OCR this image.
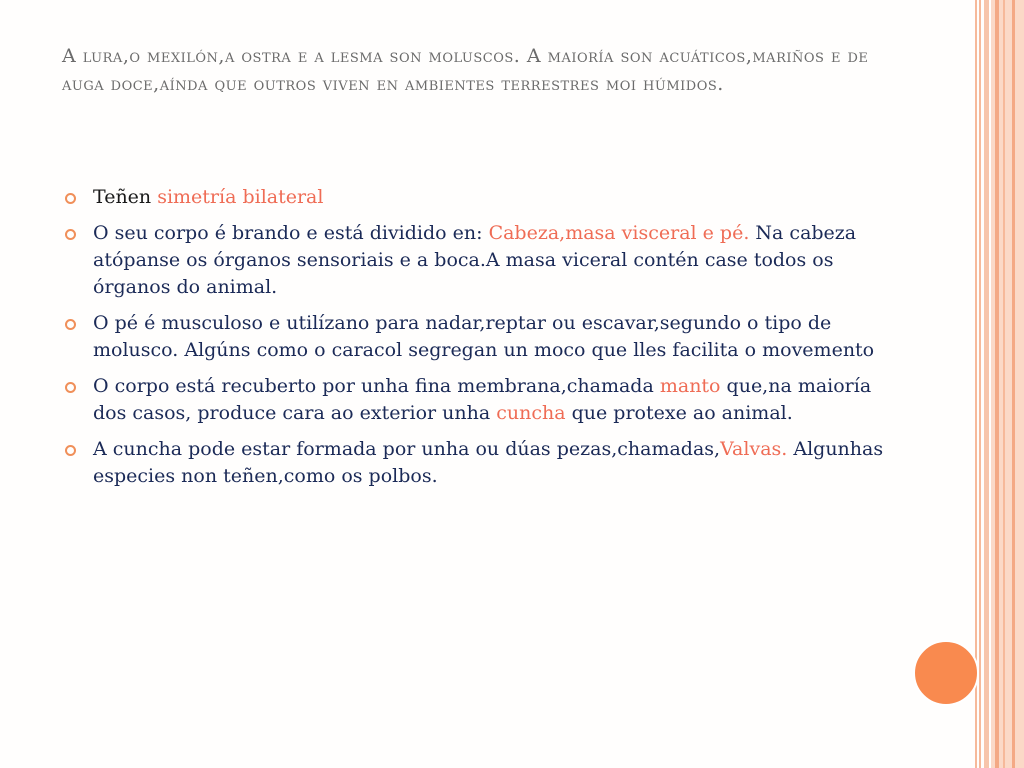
A lura,o mexilón,a ostra e a lesma son moluscos. A maioría son acuáticos,mariños e de auga doce,aínda que outros viven en ambientes terrestres moi húmidos.
Teñen simetría bilateral
O seu corpo é brando e está dividido en: Cabeza,masa visceral e pé. Na cabeza atópanse os órganos sensoriais e a boca.A masa viceral contén case todos os órganos do animal.
O pé é musculoso e utilízano para nadar,reptar ou escavar,segundo o tipo de molusco. Algúns como o caracol segregan un moco que lles facilita o movemento
O corpo está recuberto por unha fina membrana,chamada manto que,na maioría dos casos, produce cara ao exterior unha cuncha que protexe ao animal.
A cuncha pode estar formada por unha ou dúas pezas,chamadas,Valvas. Algunhas especies non teñen,como os polbos.
